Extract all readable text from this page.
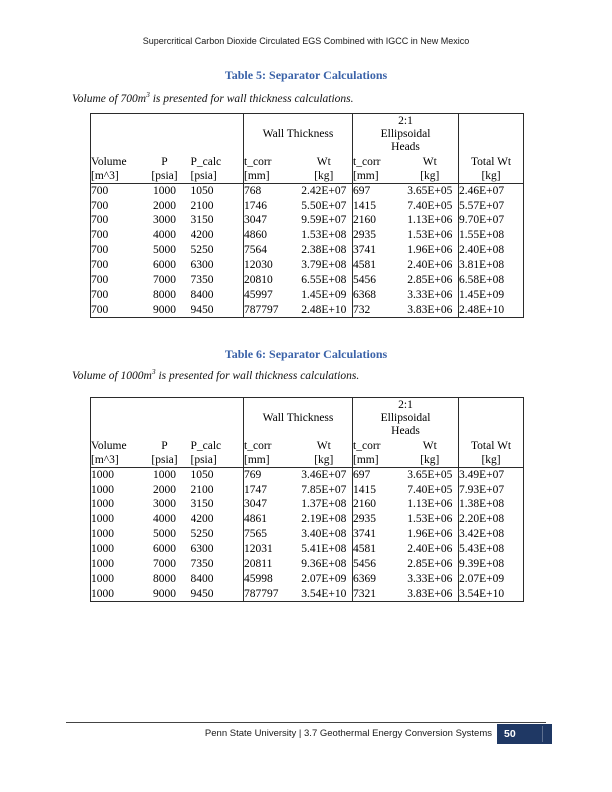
Supercritical Carbon Dioxide Circulated EGS Combined with IGCC in New Mexico
Table 5: Separator Calculations
Volume of $700m^3$ is presented for wall thickness calculations.
			Wall Thickness		2:1
Ellipsoidal
Heads		

Volume	P	P_calc	t_corr	Wt	t_corr	Wt	Total Wt
[m^3]	[psia]	[psia]	[mm]	[kg]	[mm]	[kg]	[kg]
700	1000	1050	768	2.42E+07	697	3.65E+05	2.46E+07
700	2000	2100	1746	5.50E+07	1415	7.40E+05	5.57E+07
700	3000	3150	3047	9.59E+07	2160	1.13E+06	9.70E+07
700	4000	4200	4860	1.53E+08	2935	1.53E+06	1.55E+08
700	5000	5250	7564	2.38E+08	3741	1.96E+06	2.40E+08
700	6000	6300	12030	3.79E+08	4581	2.40E+06	3.81E+08
700	7000	7350	20810	6.55E+08	5456	2.85E+06	6.58E+08
700	8000	8400	45997	1.45E+09	6368	3.33E+06	1.45E+09
700	9000	9450	787797	2.48E+10	732	3.83E+06	2.48E+10
Table 6: Separator Calculations
Volume of $1000m^3$ is presented for wall thickness calculations.
			Wall Thickness		2:1
Ellipsoidal
Heads		

Volume	P	P_calc	t_corr	Wt	t_corr	Wt	Total Wt
[m^3]	[psia]	[psia]	[mm]	[kg]	[mm]	[kg]	[kg]
1000	1000	1050	769	3.46E+07	697	3.65E+05	3.49E+07
1000	2000	2100	1747	7.85E+07	1415	7.40E+05	7.93E+07
1000	3000	3150	3047	1.37E+08	2160	1.13E+06	1.38E+08
1000	4000	4200	4861	2.19E+08	2935	1.53E+06	2.20E+08
1000	5000	5250	7565	3.40E+08	3741	1.96E+06	3.42E+08
1000	6000	6300	12031	5.41E+08	4581	2.40E+06	5.43E+08
1000	7000	7350	20811	9.36E+08	5456	2.85E+06	9.39E+08
1000	8000	8400	45998	2.07E+09	6369	3.33E+06	2.07E+09
1000	9000	9450	787797	3.54E+10	7321	3.83E+06	3.54E+10
Penn State University | 3.7 Geothermal Energy Conversion Systems	50
